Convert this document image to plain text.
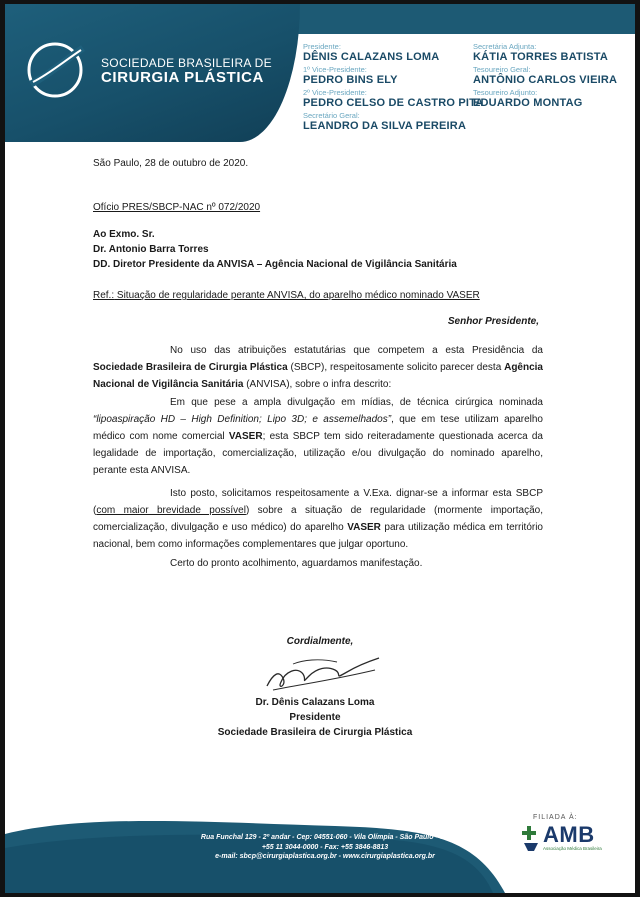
SOCIEDADE BRASILEIRA DE
CIRURGIA PLÁSTICA
Presidente:
DÊNIS CALAZANS LOMA
1º Vice-Presidente:
PEDRO BINS ELY
2º Vice-Presidente:
PEDRO CELSO DE CASTRO PITA
Secretário Geral:
LEANDRO DA SILVA PEREIRA
Secretária Adjunta:
KÁTIA TORRES BATISTA
Tesoureiro Geral:
ANTÔNIO CARLOS VIEIRA
Tesoureiro Adjunto:
EDUARDO MONTAG
São Paulo, 28 de outubro de 2020.
Ofício PRES/SBCP-NAC nº 072/2020
Ao Exmo. Sr.
Dr. Antonio Barra Torres
DD. Diretor Presidente da ANVISA – Agência Nacional de Vigilância Sanitária
Ref.: Situação de regularidade perante ANVISA, do aparelho médico nominado VASER
Senhor Presidente,

No uso das atribuições estatutárias que competem a esta Presidência da Sociedade Brasileira de Cirurgia Plástica (SBCP), respeitosamente solicito parecer desta Agência Nacional de Vigilância Sanitária (ANVISA), sobre o infra descrito:

Em que pese a ampla divulgação em mídias, de técnica cirúrgica nominada “lipoaspiração HD – High Definition; Lipo 3D; e assemelhados”, que em tese utilizam aparelho médico com nome comercial VASER; esta SBCP tem sido reiteradamente questionada acerca da legalidade de importação, comercialização, utilização e/ou divulgação do nominado aparelho, perante esta ANVISA.

Isto posto, solicitamos respeitosamente a V.Exa. dignar-se a informar esta SBCP (com maior brevidade possível) sobre a situação de regularidade (mormente importação, comercialização, divulgação e uso médico) do aparelho VASER para utilização médica em território nacional, bem como informações complementares que julgar oportuno.

Certo do pronto acolhimento, aguardamos manifestação.

Cordialmente,
Dr. Dênis Calazans Loma
Presidente
Sociedade Brasileira de Cirurgia Plástica
Rua Funchal 129 - 2º andar - Cep: 04551-060 - Vila Olímpia - São Paulo - SP
+55 11 3044-0000 - Fax: +55 3846-8813
e-mail: sbcp@cirurgiaplastica.org.br - www.cirurgiaplastica.org.br
FILIADA À:
AMB
Associação Médica Brasileira
